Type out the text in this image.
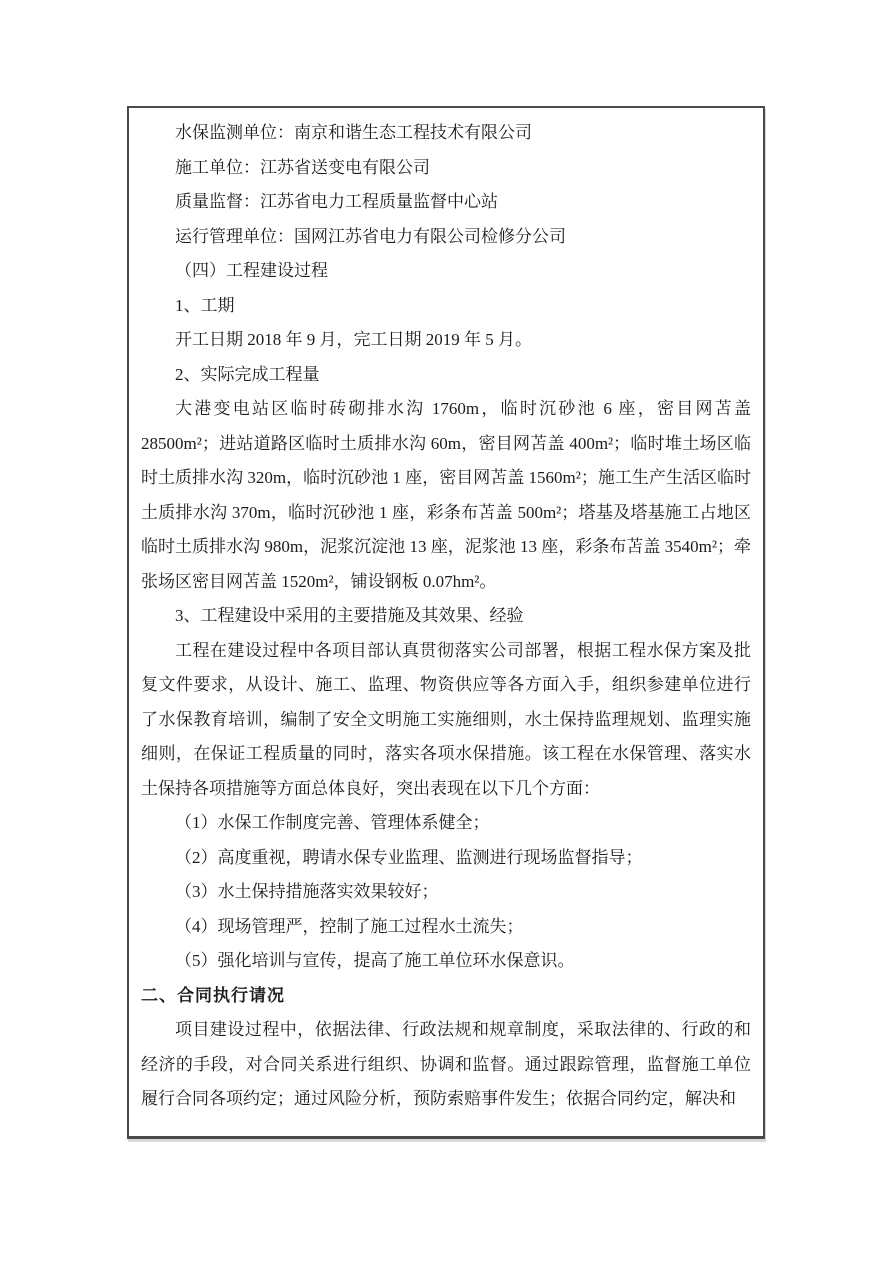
水保监测单位：南京和谐生态工程技术有限公司

施工单位：江苏省送变电有限公司

质量监督：江苏省电力工程质量监督中心站

运行管理单位：国网江苏省电力有限公司检修分公司

（四）工程建设过程

1、工期

开工日期 2018 年 9 月，完工日期 2019 年 5 月。

2、实际完成工程量

大港变电站区临时砖砌排水沟 1760m，临时沉砂池 6 座，密目网苫盖 28500m²；进站道路区临时土质排水沟 60m，密目网苫盖 400m²；临时堆土场区临时土质排水沟 320m，临时沉砂池 1 座，密目网苫盖 1560m²；施工生产生活区临时土质排水沟 370m，临时沉砂池 1 座，彩条布苫盖 500m²；塔基及塔基施工占地区临时土质排水沟 980m，泥浆沉淀池 13 座，泥浆池 13 座，彩条布苫盖 3540m²；牵张场区密目网苫盖 1520m²，铺设钢板 0.07hm²。

3、工程建设中采用的主要措施及其效果、经验

工程在建设过程中各项目部认真贯彻落实公司部署，根据工程水保方案及批复文件要求，从设计、施工、监理、物资供应等各方面入手，组织参建单位进行了水保教育培训，编制了安全文明施工实施细则，水土保持监理规划、监理实施细则，在保证工程质量的同时，落实各项水保措施。该工程在水保管理、落实水土保持各项措施等方面总体良好，突出表现在以下几个方面：

（1）水保工作制度完善、管理体系健全；

（2）高度重视，聘请水保专业监理、监测进行现场监督指导；

（3）水土保持措施落实效果较好；

（4）现场管理严，控制了施工过程水土流失；

（5）强化培训与宣传，提高了施工单位环水保意识。

二、合同执行请况

项目建设过程中，依据法律、行政法规和规章制度，采取法律的、行政的和经济的手段，对合同关系进行组织、协调和监督。通过跟踪管理，监督施工单位履行合同各项约定；通过风险分析，预防索赔事件发生；依据合同约定，解决和
